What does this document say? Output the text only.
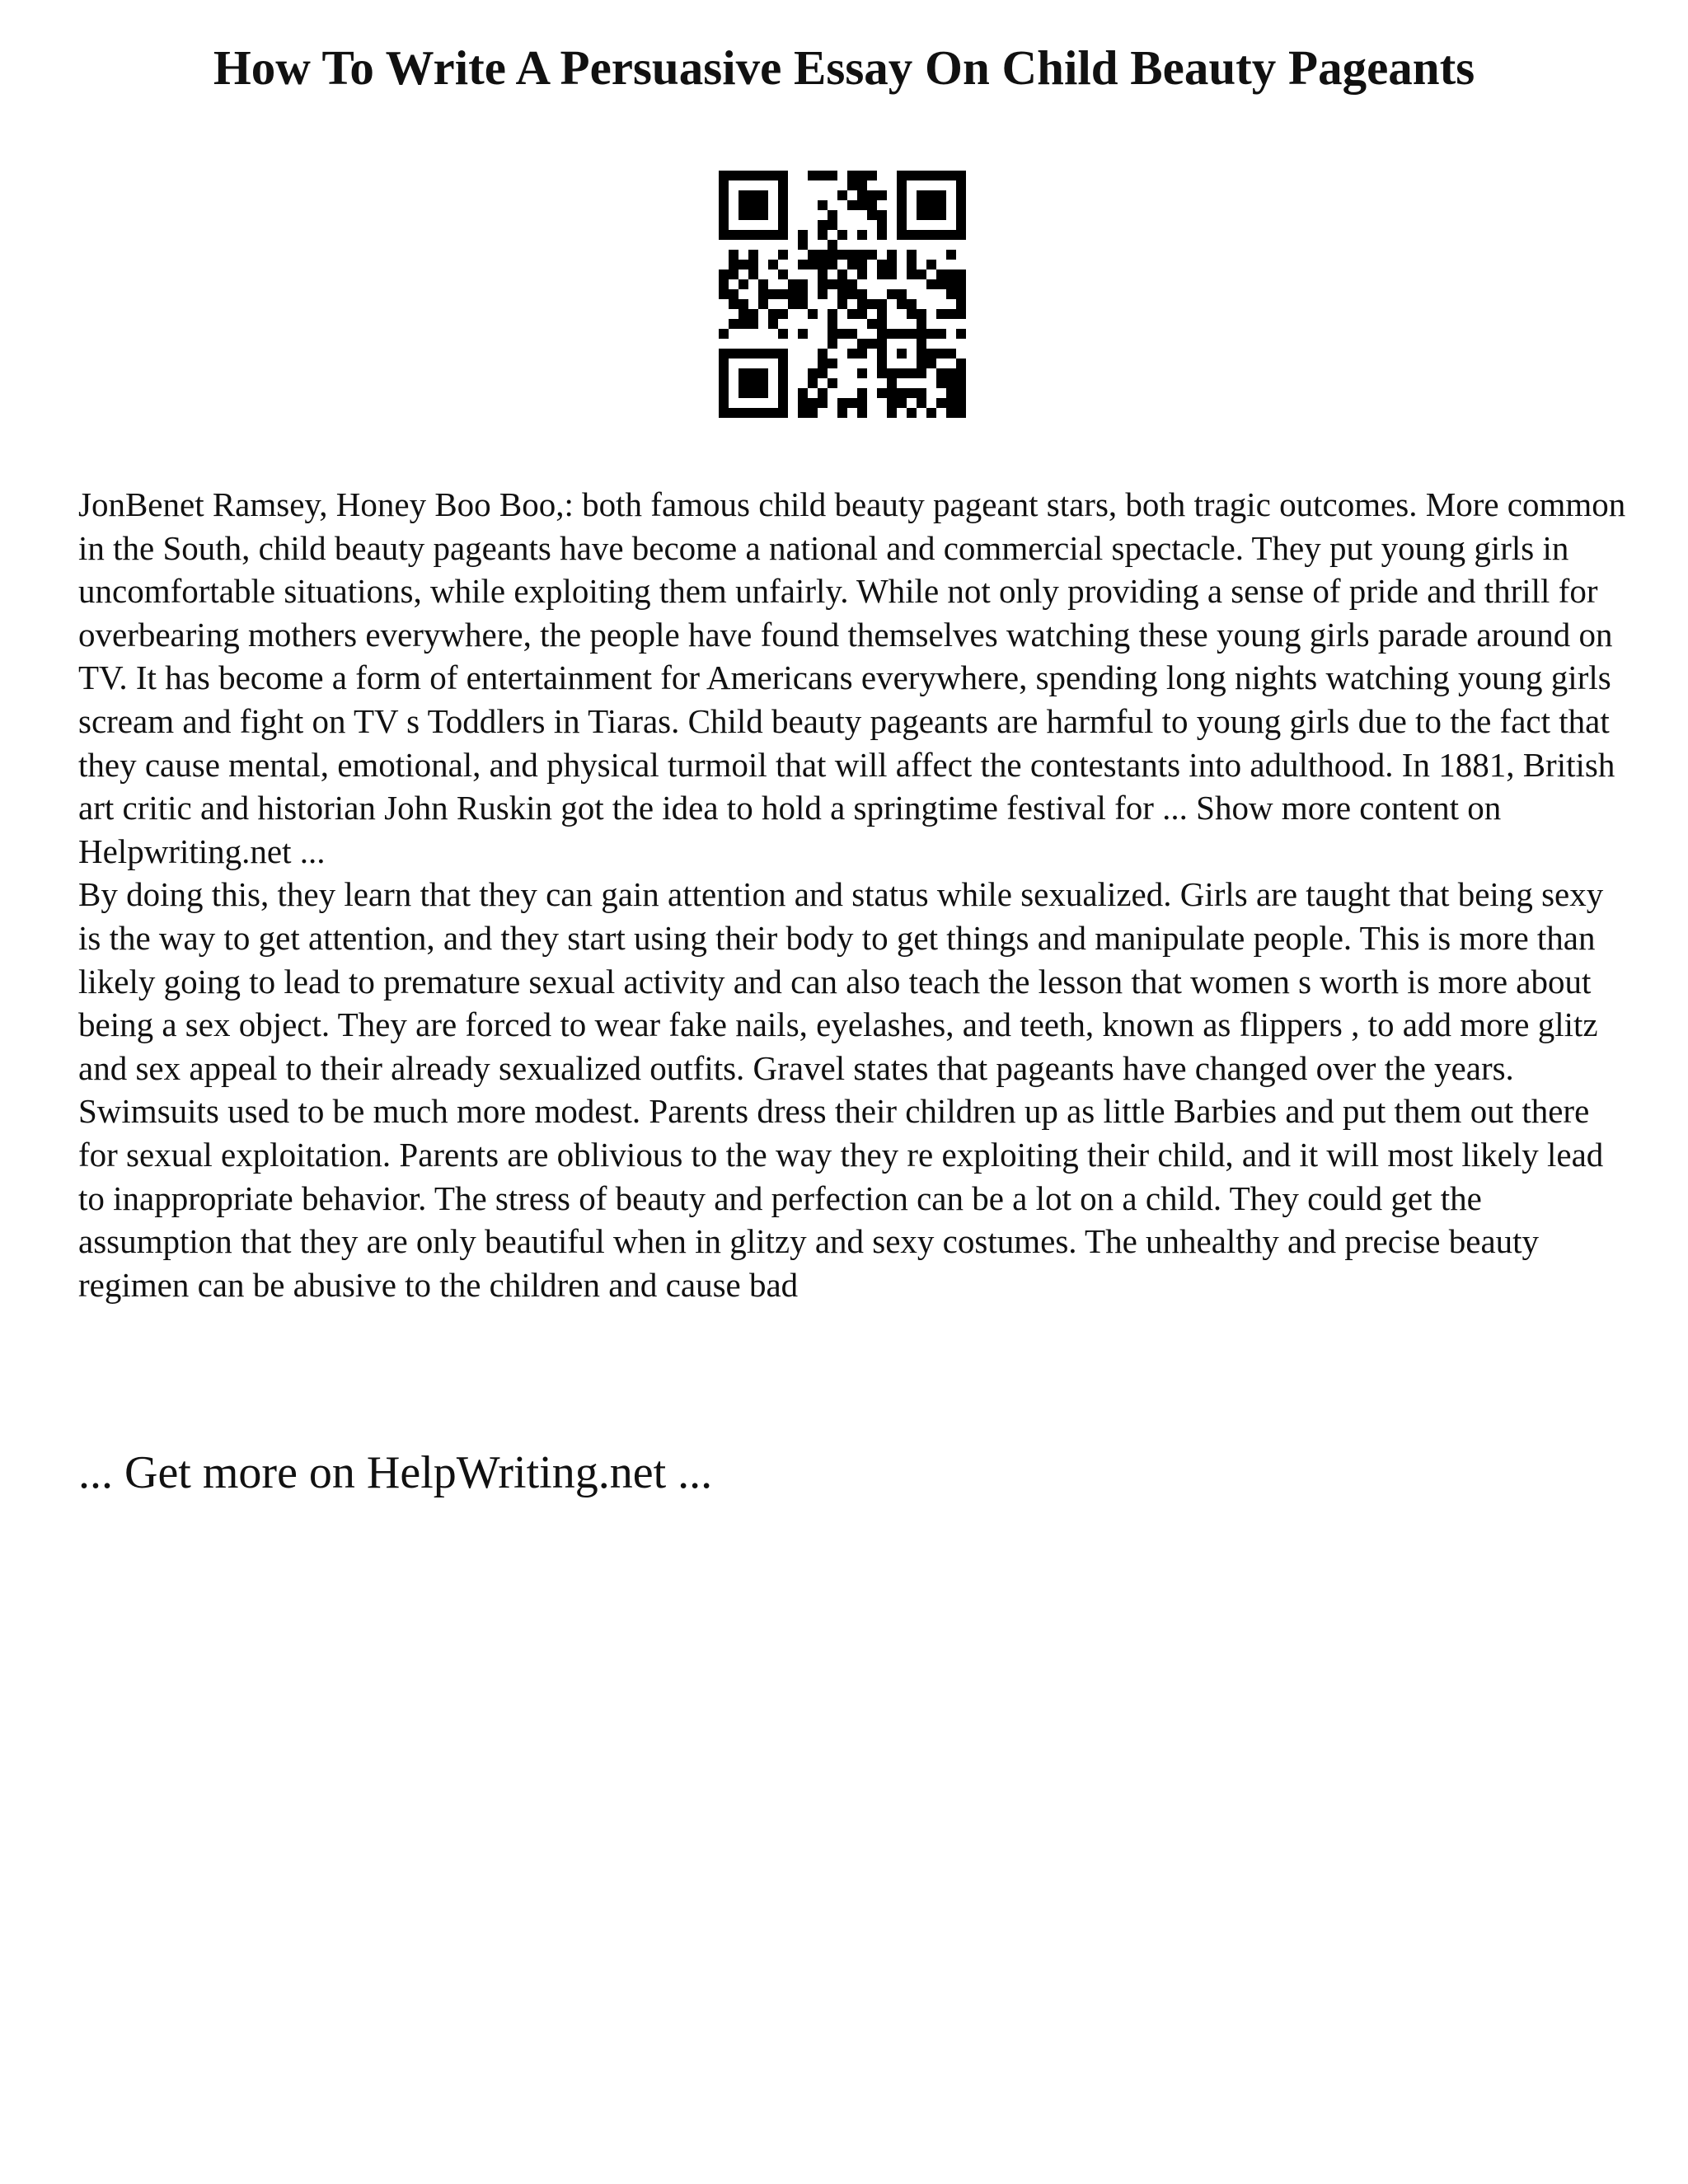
How To Write A Persuasive Essay On Child Beauty Pageants

JonBenet Ramsey, Honey Boo Boo,: both famous child beauty pageant stars, both tragic outcomes. More common in the South, child beauty pageants have become a national and commercial spectacle. They put young girls in uncomfortable situations, while exploiting them unfairly. While not only providing a sense of pride and thrill for overbearing mothers everywhere, the people have found themselves watching these young girls parade around on TV. It has become a form of entertainment for Americans everywhere, spending long nights watching young girls scream and fight on TV s Toddlers in Tiaras. Child beauty pageants are harmful to young girls due to the fact that they cause mental, emotional, and physical turmoil that will affect the contestants into adulthood. In 1881, British art critic and historian John Ruskin got the idea to hold a springtime festival for ... Show more content on Helpwriting.net ...

By doing this, they learn that they can gain attention and status while sexualized. Girls are taught that being sexy is the way to get attention, and they start using their body to get things and manipulate people. This is more than likely going to lead to premature sexual activity and can also teach the lesson that women s worth is more about being a sex object. They are forced to wear fake nails, eyelashes, and teeth, known as flippers , to add more glitz and sex appeal to their already sexualized outfits. Gravel states that pageants have changed over the years. Swimsuits used to be much more modest. Parents dress their children up as little Barbies and put them out there for sexual exploitation. Parents are oblivious to the way they re exploiting their child, and it will most likely lead to inappropriate behavior. The stress of beauty and perfection can be a lot on a child. They could get the assumption that they are only beautiful when in glitzy and sexy costumes. The unhealthy and precise beauty regimen can be abusive to the children and cause bad

... Get more on HelpWriting.net ...
